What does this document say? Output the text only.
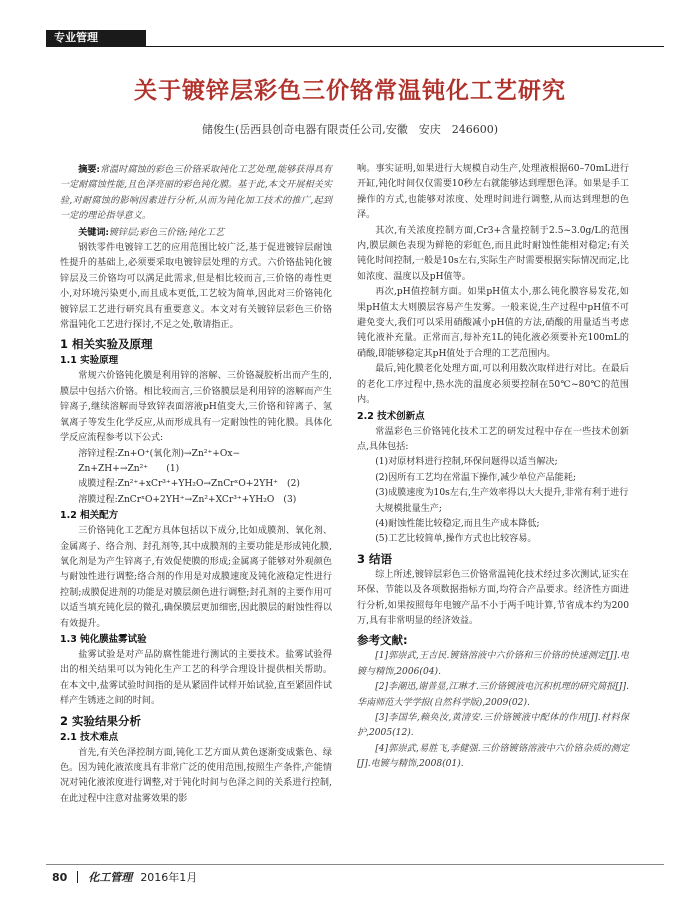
专业管理
关于镀锌层彩色三价铬常温钝化工艺研究
储俊生(岳西县创奇电器有限责任公司,安徽　安庆　246600)
摘要:常温时腐蚀的彩色三价铬采取钝化工艺处理,能够获得具有一定耐腐蚀性能,且色泽亮丽的彩色钝化膜。基于此,本文开展相关实验,对耐腐蚀的影响因素进行分析,从而为钝化加工技术的推广,起到一定的理论指导意义。
关键词:镀锌层;彩色三价铬;钝化工艺
钢铁零件电镀锌工艺的应用范围比较广泛,基于促进镀锌层耐蚀性提升的基础上,必须要采取电镀锌层处理的方式。六价铬盐钝化镀锌层及三价铬均可以满足此需求,但是相比较而言,三价铬的毒性更小,对环境污染更小,而且成本更低,工艺较为简单,因此对三价铬钝化镀锌层工艺进行研究具有重要意义。本文对有关镀锌层彩色三价铬常温钝化工艺进行探讨,不足之处,敬请指正。
1 相关实验及原理
1.1 实验原理
常规六价铬钝化膜是利用锌的溶解、三价铬凝胶析出而产生的,膜层中包括六价铬。相比较而言,三价铬膜层是利用锌的溶解而产生锌离子,继续溶解而导致锌表面溶液pH值变大,三价铬和锌离子、氢氧离子等发生化学反应,从而形成具有一定耐蚀性的钝化膜。具体化学反应流程参考以下公式:
溶锌过程:Zn+O⁺(氧化剂)→Zn²⁺+Ox−
Zn+ZH+→Zn²⁺　　(1)
成膜过程:Zn²⁺+xCr³⁺+YH₂O→ZnCrˣO+2YH⁺　(2)
溶膜过程:ZnCrˣO+2YH⁺→Zn²+XCr³⁺+YH₂O　(3)
1.2 相关配方
三价铬钝化工艺配方具体包括以下成分,比如成膜剂、氧化剂、金属离子、络合剂、封孔剂等,其中成膜剂的主要功能是形成钝化膜,氧化剂是为产生锌离子,有效促使膜的形成;金属离子能够对外观颜色与耐蚀性进行调整;络合剂的作用是对成膜速度及钝化液稳定性进行控制;成膜促进剂的功能是对膜层颜色进行调整;封孔剂的主要作用可以适当填充钝化层的微孔,确保膜层更加细密,因此膜层的耐蚀性得以有效提升。
1.3 钝化膜盐雾试验
盐雾试验是对产品防腐性能进行测试的主要技术。盐雾试验得出的相关结果可以为钝化生产工艺的科学合理设计提供相关帮助。在本文中,盐雾试验时间指的是从紧固件试样开始试验,直至紧固件试样产生锈迹之间的时间。
2 实验结果分析
2.1 技术难点
首先,有关色泽控制方面,钝化工艺方面从黄色逐渐变成紫色、绿色。因为钝化液浓度具有非常广泛的使用范围,按照生产条件,产能情况对钝化液浓度进行调整,对于钝化时间与色泽之间的关系进行控制,在此过程中注意对盐雾效果的影
响。事实证明,如果进行大规模自动生产,处理液根据60–70mL进行开缸,钝化时间仅仅需要10秒左右就能够达到理想色泽。如果是手工操作的方式,也能够对浓度、处理时间进行调整,从而达到理想的色泽。
其次,有关浓度控制方面,Cr3+含量控制于2.5~3.0g/L的范围内,膜层颜色表现为鲜艳的彩虹色,而且此时耐蚀性能相对稳定;有关钝化时间控制,一般是10s左右,实际生产时需要根据实际情况而定,比如浓度、温度以及pH值等。
再次,pH值控制方面。如果pH值太小,那么钝化膜容易发花,如果pH值太大则膜层容易产生发雾。一般来说,生产过程中pH值不可避免变大,我们可以采用硝酸减小pH值的方法,硝酸的用量适当考虑钝化液补充量。正常而言,每补充1L的钝化液必须要补充100mL的硝酸,即能够稳定其pH值处于合理的工艺范围内。
最后,钝化膜老化处理方面,可以利用数次取样进行对比。在最后的老化工序过程中,热水洗的温度必须要控制在50℃~80℃的范围内。
2.2 技术创新点
常温彩色三价铬钝化技术工艺的研发过程中存在一些技术创新点,具体包括:
(1)对原材料进行控制,环保问题得以适当解决;
(2)因所有工艺均在常温下操作,减少单位产品能耗;
(3)成膜速度为10s左右,生产效率得以大大提升,非常有利于进行大规模批量生产;
(4)耐蚀性能比较稳定,而且生产成本降低;
(5)工艺比较简单,操作方式也比较容易。
3 结语
综上所述,镀锌层彩色三价铬常温钝化技术经过多次测试,证实在环保、节能以及各项数据指标方面,均符合产品要求。经济性方面进行分析,如果按照每年电镀产品不小于两千吨计算,节省成本约为200万,具有非常明显的经济效益。
参考文献:
[1]郭崇武,王吉民.镀铬溶液中六价铬和三价铬的快速测定[J].电镀与精饰,2006(04).
[2]李潮迅,谢普显,江琳才.三价铬镀液电沉积机理的研究简报[J].华南师范大学学报(自然科学版),2009(02).
[3]李国华,赖奂汝,黄清安.三价铬镀液中配体的作用[J].材料保护,2005(12).
[4]郭崇武,易胜飞,李健强.三价铬镀铬溶液中六价铬杂质的测定[J].电镀与精饰,2008(01).
80 化工管理 2016年1月
